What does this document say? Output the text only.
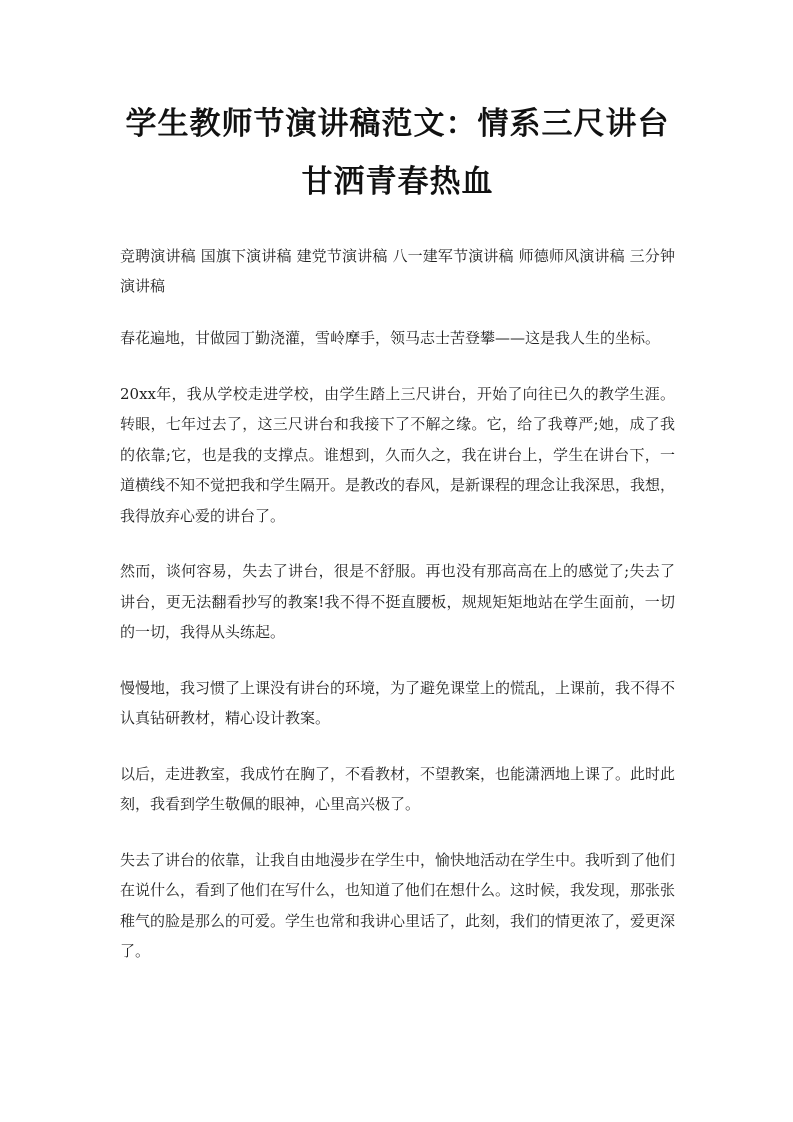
学生教师节演讲稿范文：情系三尺讲台
甘洒青春热血
竞聘演讲稿 国旗下演讲稿 建党节演讲稿 八一建军节演讲稿 师德师风演讲稿 三分钟演讲稿

春花遍地，甘做园丁勤浇灌，雪岭摩手，领马志士苦登攀——这是我人生的坐标。

20xx年，我从学校走进学校，由学生踏上三尺讲台，开始了向往已久的教学生涯。转眼，七年过去了，这三尺讲台和我接下了不解之缘。它，给了我尊严;她，成了我的依靠;它，也是我的支撑点。谁想到，久而久之，我在讲台上，学生在讲台下，一道横线不知不觉把我和学生隔开。是教改的春风，是新课程的理念让我深思，我想，我得放弃心爱的讲台了。

然而，谈何容易，失去了讲台，很是不舒服。再也没有那高高在上的感觉了;失去了讲台，更无法翻看抄写的教案!我不得不挺直腰板，规规矩矩地站在学生面前，一切的一切，我得从头练起。

慢慢地，我习惯了上课没有讲台的环境，为了避免课堂上的慌乱，上课前，我不得不认真钻研教材，精心设计教案。

以后，走进教室，我成竹在胸了，不看教材，不望教案，也能潇洒地上课了。此时此刻，我看到学生敬佩的眼神，心里高兴极了。

失去了讲台的依靠，让我自由地漫步在学生中，愉快地活动在学生中。我听到了他们在说什么，看到了他们在写什么，也知道了他们在想什么。这时候，我发现，那张张稚气的脸是那么的可爱。学生也常和我讲心里话了，此刻，我们的情更浓了，爱更深了。
